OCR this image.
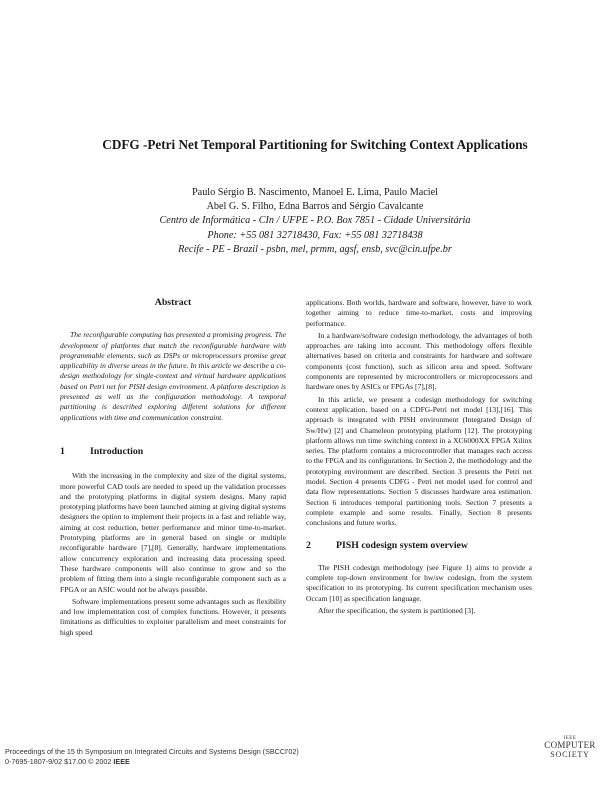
CDFG -Petri Net Temporal Partitioning for Switching Context Applications
Paulo Sérgio B. Nascimento, Manoel E. Lima, Paulo Maciel
Abel G. S. Filho, Edna Barros and Sérgio Cavalcante
Centro de Informática - CIn / UFPE - P.O. Box 7851 - Cidade Universitária
Phone: +55 081 32718430, Fax: +55 081 32718438
Recife - PE - Brazil - psbn, mel, prmm, agsf, ensb, svc@cin.ufpe.br
Abstract

The reconfigurable computing has presented a promising progress. The development of platforms that match the reconfigurable hardware with programmable elements, such as DSPs or microprocessors promise great applicability in diverse areas in the future. In this article we describe a co-design methodology for single-context and virtual hardware applications based on Petri net for PISH design environment. A platform description is presented as well as the configuration methodology. A temporal partitioning is described exploring different solutions for different applications with time and communication constraint.

1	Introduction

With the increasing in the complexity and size of the digital systems, more powerful CAD tools are needed to speed up the validation processes and the prototyping platforms in digital system designs. Many rapid prototyping platforms have been launched aiming at giving digital systems designers the option to implement their projects in a fast and reliable way, aiming at cost reduction, better performance and minor time-to-market. Prototyping platforms are in general based on single or multiple reconfigurable hardware [7],[8]. Generally, hardware implementations allow concurrency exploration and increasing data processing speed. These hardware components will also continue to grow and so the problem of fitting them into a single reconfigurable component such as a FPGA or an ASIC would not be always possible.

Software implementations present some advantages such as flexibility and low implementation cost of complex functions. However, it presents limitations as difficulties to exploiter parallelism and meet constraints for high speed

applications. Both worlds, hardware and software, however, have to work together aiming to reduce time-to-market, costs and improving performance.

In a hardware/software codesign methodology, the advantages of both approaches are taking into account. This methodology offers flexible alternatives based on criteria and constraints for hardware and software components (cost function), such as silicon area and speed. Software components are represented by microcontrollers or microprocessors and hardware ones by ASICs or FPGAs [7],[8].

In this article, we present a codesign methodology for switching context application, based on a CDFG-Petri net model [13],[16]. This approach is integrated with PISH environment (Integrated Design of Sw/Hw) [2] and Chameleon prototyping platform [12]. The prototyping platform allows run time switching context in a XC6000XX FPGA Xilinx series. The platform contains a microcontroller that manages each access to the FPGA and its configurations. In Section 2, the methodology and the prototyping environment are described. Section 3 presents the Petri net model. Section 4 presents CDFG - Petri net model used for control and data flow representations. Section 5 discusses hardware area estimation. Section 6 introduces temporal partitioning tools. Section 7 presents a complete example and some results. Finally, Section 8 presents conclusions and future works.

2	PISH codesign system overview

The PISH codesign methodology (see Figure 1) aims to provide a complete top-down environment for hw/sw codesign, from the system specification to its prototyping. Its current specification mechanism uses Occam [10] as specification language.

After the specification, the system is partitioned [3].

Proceedings of the 15 th Symposium on Integrated Circuits and Systems Design (SBCCI'02)
0-7695-1807-9/02 $17.00 © 2002 IEEE
IEEE
COMPUTER
SOCIETY
